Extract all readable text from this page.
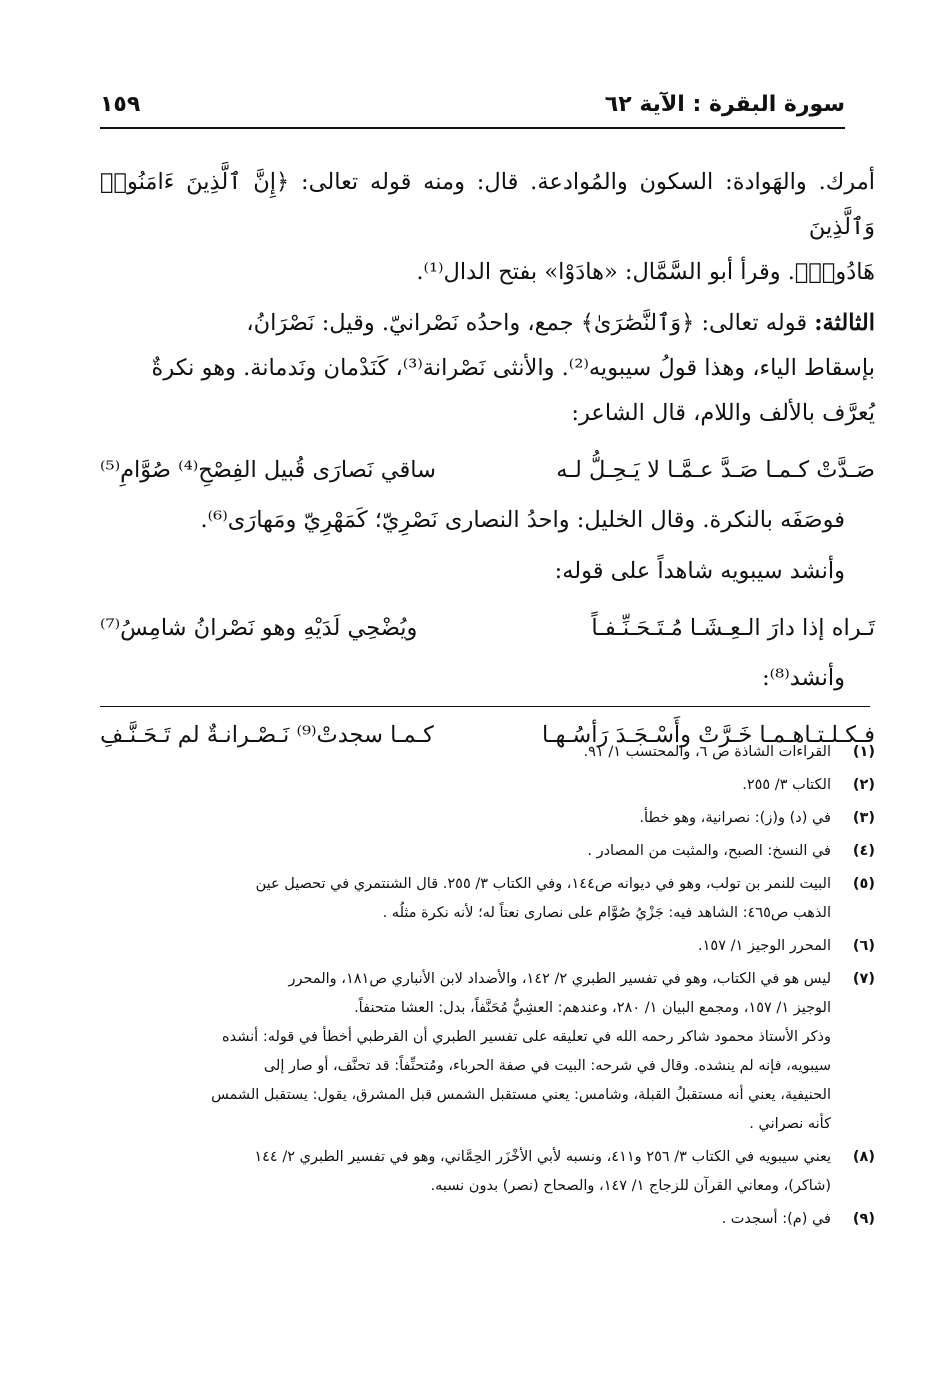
سورة البقرة : الآية ٦٢
١٥٩
أمرك. والهَوادة: السكون والمُوادعة. قال: ومنه قوله تعالى: ﴿إِنَّ ٱلَّذِينَ ءَامَنُوا۟ وَٱلَّذِينَ
هَادُوا۟﴾. وقرأ أبو السَّمَّال: «هادَوْا» بفتح الدال⁽¹⁾.
الثالثة: قوله تعالى: ﴿وَٱلنَّصَٰرَىٰ﴾ جمع، واحدُه نَصْرانيّ. وقيل: نَصْرَانُ،
بإسقاط الياء، وهذا قولُ سيبويه⁽²⁾. والأنثى نَصْرانة⁽³⁾، كَنَدْمان ونَدمانة. وهو نكرةٌ
يُعرَّف بالألف واللام، قال الشاعر:
صَـدَّتْ كـمـا صَـدَّ عـمَّـا لا يَـحِـلُّ لـه
ساقي نَصارَى قُبيل الفِصْحِ⁽⁴⁾ صُوَّامِ⁽⁵⁾
فوصَفَه بالنكرة. وقال الخليل: واحدُ النصارى نَصْرِيّ؛ كَمَهْرِيّ ومَهارَى⁽⁶⁾.
وأنشد سيبويه شاهداً على قوله:
تَـراه إذا دارَ الـعِـشَـا مُـتَـحَـنِّـفـاً
ويُضْحِي لَدَيْهِ وهو نَصْرانُ شامِسُ⁽⁷⁾
وأنشد⁽⁸⁾:
فـكـلـتـاهـمـا خَـرَّتْ وأَسْـجَـدَ رَأسُـهـا
كـمـا سجدتْ⁽⁹⁾ نَـصْـرانـةٌ لم تَـحَـنَّـفِ
(١)
القراءات الشاذة ص ٦، والمحتسب ١/ ٩١.
(٢)
الكتاب ٣/ ٢٥٥.
(٣)
في (د) و(ز): نصرانية، وهو خطأ.
(٤)
في النسخ: الصبح، والمثبت من المصادر .
(٥)
البيت للنمر بن تولب، وهو في ديوانه ص١٤٤، وفي الكتاب ٣/ ٢٥٥. قال الشنتمري في تحصيل عين
الذهب ص٤٦٥: الشاهد فيه: جَزْيُ صُوَّام على نصارى نعتاً له؛ لأنه نكرة مثلُه .
(٦)
المحرر الوجيز ١/ ١٥٧.
(٧)
ليس هو في الكتاب، وهو في تفسير الطبري ٢/ ١٤٢، والأضداد لابن الأنباري ص١٨١، والمحرر
الوجيز ١/ ١٥٧، ومجمع البيان ١/ ٢٨٠، وعندهم: العشِيُّ مُحَنَّفاً، بدل: العشا متحنفاً.
وذكر الأستاذ محمود شاكر رحمه الله في تعليقه على تفسير الطبري أن القرطبي أخطأ في قوله: أنشده
سيبويه، فإنه لم ينشده. وقال في شرحه: البيت في صفة الحرباء، ومُتحنِّفاً: قد تحنَّف، أو صار إلى
الحنيفية، يعني أنه مستقبلُ القبلة، وشامس: يعني مستقبل الشمس قبل المشرق، يقول: يستقبل الشمس
كأنه نصراني .
(٨)
يعني سيبويه في الكتاب ٣/ ٢٥٦ و٤١١، ونسبه لأبي الأخْزَر الحِمَّاني، وهو في تفسير الطبري ٢/ ١٤٤
(شاكر)، ومعاني القرآن للزجاج ١/ ١٤٧، والصحاح (نصر) بدون نسبه.
(٩)
في (م): أسجدت .
